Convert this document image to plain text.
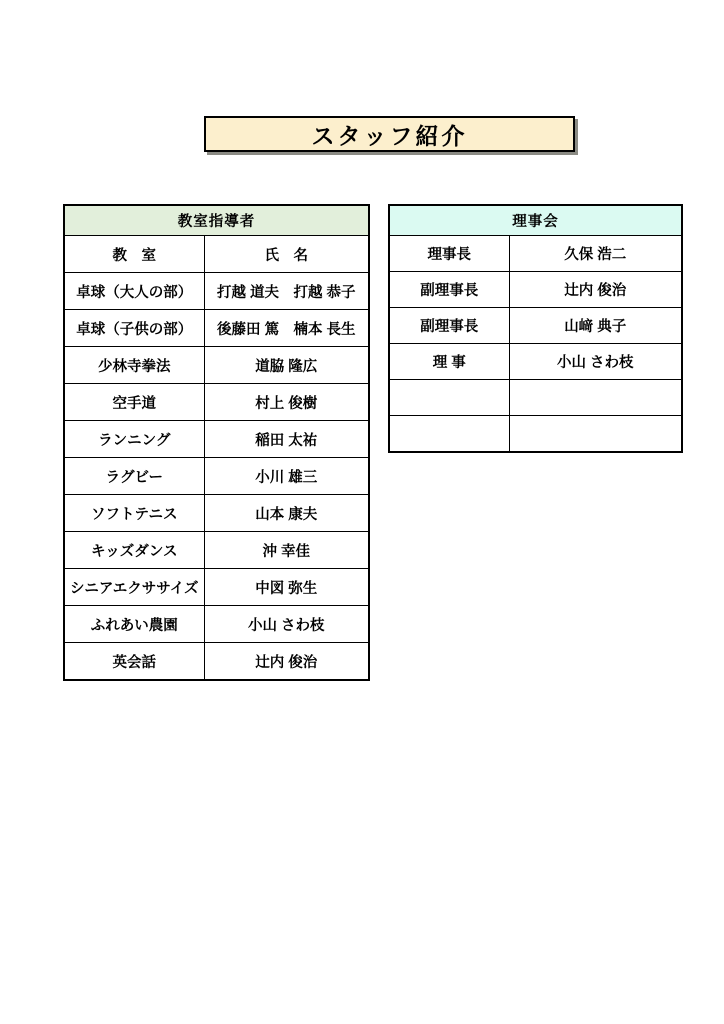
スタッフ紹介
教室指導者	
教　室	氏　名
卓球（大人の部）	打越 道夫　打越 恭子
卓球（子供の部）	後藤田 篤　楠本 長生
少林寺拳法	道脇 隆広
空手道	村上 俊樹
ランニング	稲田 太祐
ラグビー	小川 雄三
ソフトテニス	山本 康夫
キッズダンス	沖 幸佳
シニアエクササイズ	中図 弥生
ふれあい農園	小山 さわ枝
英会話	辻内 俊治
理事会	
理事長	久保 浩二
副理事長	辻内 俊治
副理事長	山﨑 典子
理 事	小山 さわ枝
